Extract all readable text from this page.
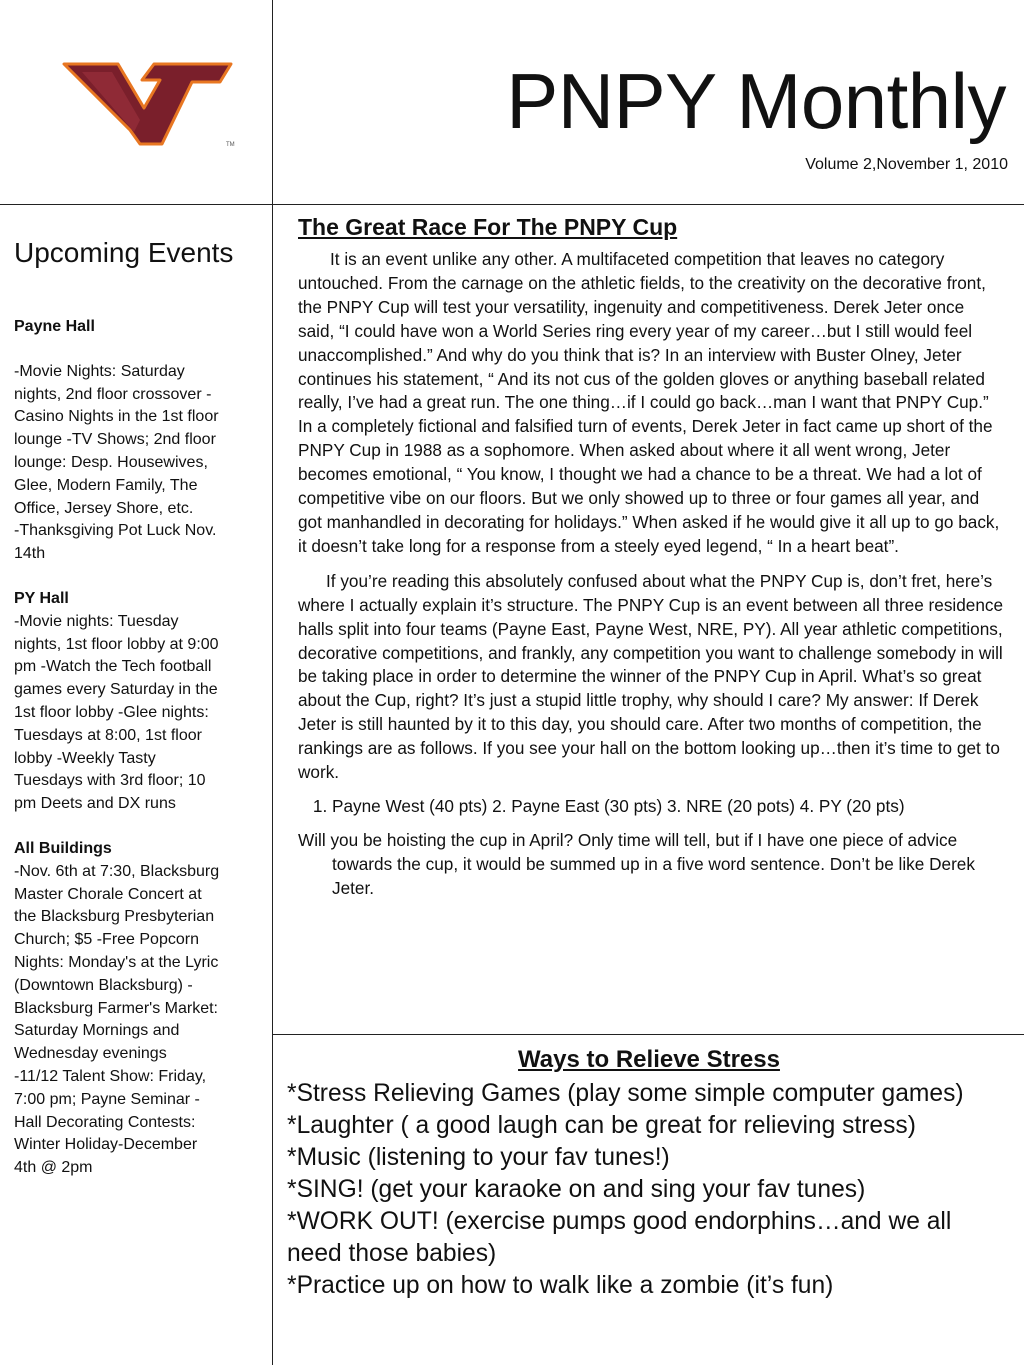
TM	PNPY Monthly
Volume 2,November 1, 2010
Upcoming Events
Payne Hall
-Movie Nights: Saturday
nights, 2nd floor crossover -
Casino Nights in the 1st floor
lounge -TV Shows; 2nd floor
lounge: Desp. Housewives,
Glee, Modern Family, The
Office, Jersey Shore, etc.
-Thanksgiving Pot Luck Nov.
14th
PY Hall
-Movie nights: Tuesday
nights, 1st floor lobby at 9:00
pm -Watch the Tech football
games every Saturday in the
1st floor lobby -Glee nights:
Tuesdays at 8:00, 1st floor
lobby -Weekly Tasty
Tuesdays with 3rd floor; 10
pm Deets and DX runs
All Buildings
-Nov. 6th at 7:30, Blacksburg
Master Chorale Concert at
the Blacksburg Presbyterian
Church; $5 -Free Popcorn
Nights: Monday's at the Lyric
(Downtown Blacksburg) -
Blacksburg Farmer's Market:
Saturday Mornings and
Wednesday evenings
-11/12 Talent Show: Friday,
7:00 pm; Payne Seminar -
Hall Decorating Contests:
Winter Holiday-December
4th @ 2pm
The Great Race For The PNPY Cup

It is an event unlike any other. A multifaceted competition that leaves no category untouched. From the carnage on the athletic fields, to the creativity on the decorative front, the PNPY Cup will test your versatility, ingenuity and competitiveness. Derek Jeter once said, “I could have won a World Series ring every year of my career…but I still would feel unaccomplished.” And why do you think that is? In an interview with Buster Olney, Jeter continues his statement, “ And its not cus of the golden gloves or anything baseball related really, I’ve had a great run. The one thing…if I could go back…man I want that PNPY Cup.” In a completely fictional and falsified turn of events, Derek Jeter in fact came up short of the PNPY Cup in 1988 as a sophomore. When asked about where it all went wrong, Jeter becomes emotional, “ You know, I thought we had a chance to be a threat. We had a lot of competitive vibe on our floors. But we only showed up to three or four games all year, and got manhandled in decorating for holidays.” When asked if he would give it all up to go back, it doesn’t take long for a response from a steely eyed legend, “ In a heart beat”.

If you’re reading this absolutely confused about what the PNPY Cup is, don’t fret, here’s where I actually explain it’s structure. The PNPY Cup is an event between all three residence halls split into four teams (Payne East, Payne West, NRE, PY). All year athletic competitions, decorative competitions, and frankly, any competition you want to challenge somebody in will be taking place in order to determine the winner of the PNPY Cup in April. What’s so great about the Cup, right? It’s just a stupid little trophy, why should I care? My answer: If Derek Jeter is still haunted by it to this day, you should care. After two months of competition, the rankings are as follows. If you see your hall on the bottom looking up…then it’s time to get to work.

1. Payne West (40 pts) 2. Payne East (30 pts) 3. NRE (20 pots) 4. PY (20 pts)

Will you be hoisting the cup in April? Only time will tell, but if I have one piece of advice towards the cup, it would be summed up in a five word sentence. Don’t be like Derek Jeter.

Ways to Relieve Stress
*Stress Relieving Games (play some simple computer games)
*Laughter ( a good laugh can be great for relieving stress)
*Music (listening to your fav tunes!)
*SING! (get your karaoke on and sing your fav tunes)
*WORK OUT! (exercise pumps good endorphins…and we all need those babies)
*Practice up on how to walk like a zombie (it’s fun)
